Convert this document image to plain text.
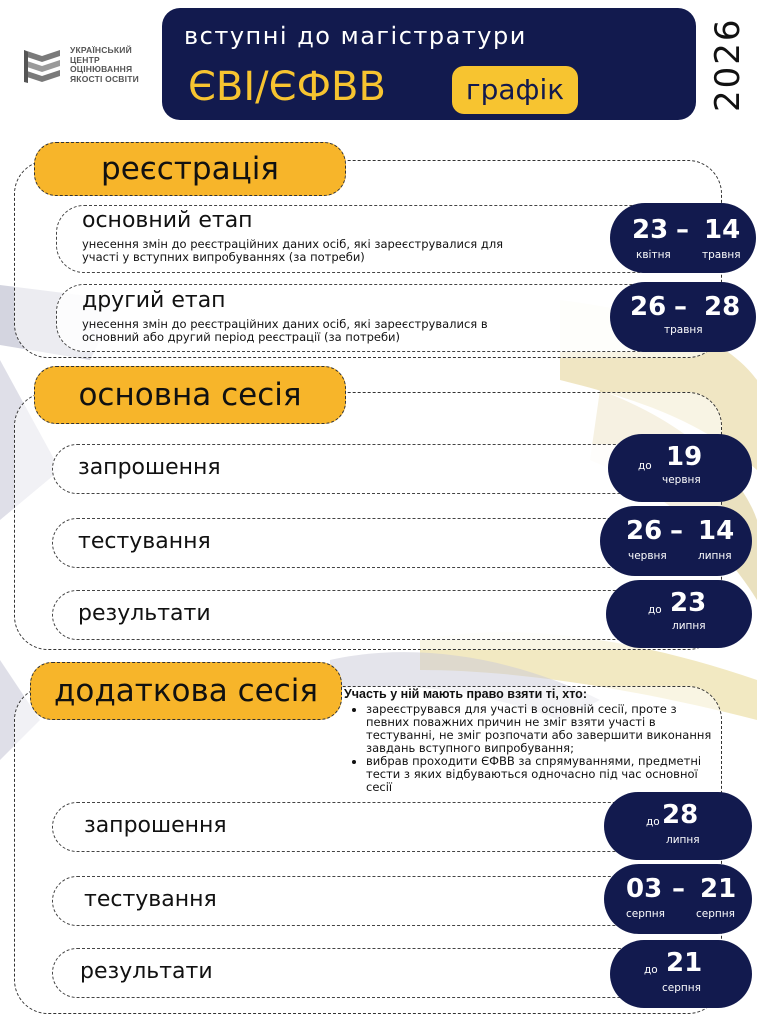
УКРАЇНСЬКИЙ
ЦЕНТР
ОЦІНЮВАННЯ
ЯКОСТІ ОСВІТИ
вступні до магістратури
ЄВІ/ЄФВВ	графік	2026
реєстрація
основний етап
унесення змін до реєстраційних даних осіб, які зареєструвалися для участі у вступних випробуваннях (за потреби)
23 – 14
квітня	травня
другий етап
унесення змін до реєстраційних даних осіб, які зареєструвалися в основний або другий період реєстрації (за потреби)
26 – 28
травня
основна сесія
запрошення	до 19
червня
тестування	26 – 14
червня	липня
результати	до 23
липня
додаткова сесія	Участь у ній мають право взяти ті, хто:
• зареєструвався для участі в основній сесії, проте з певних поважних причин не зміг взяти участі в тестуванні, не зміг розпочати або завершити виконання завдань вступного випробування;
• вибрав проходити ЄФВВ за спрямуваннями, предметні тести з яких відбуваються одночасно під час основної сесії
запрошення	до 28
липня
тестування	03 – 21
серпня	серпня
результати	до 21
серпня
